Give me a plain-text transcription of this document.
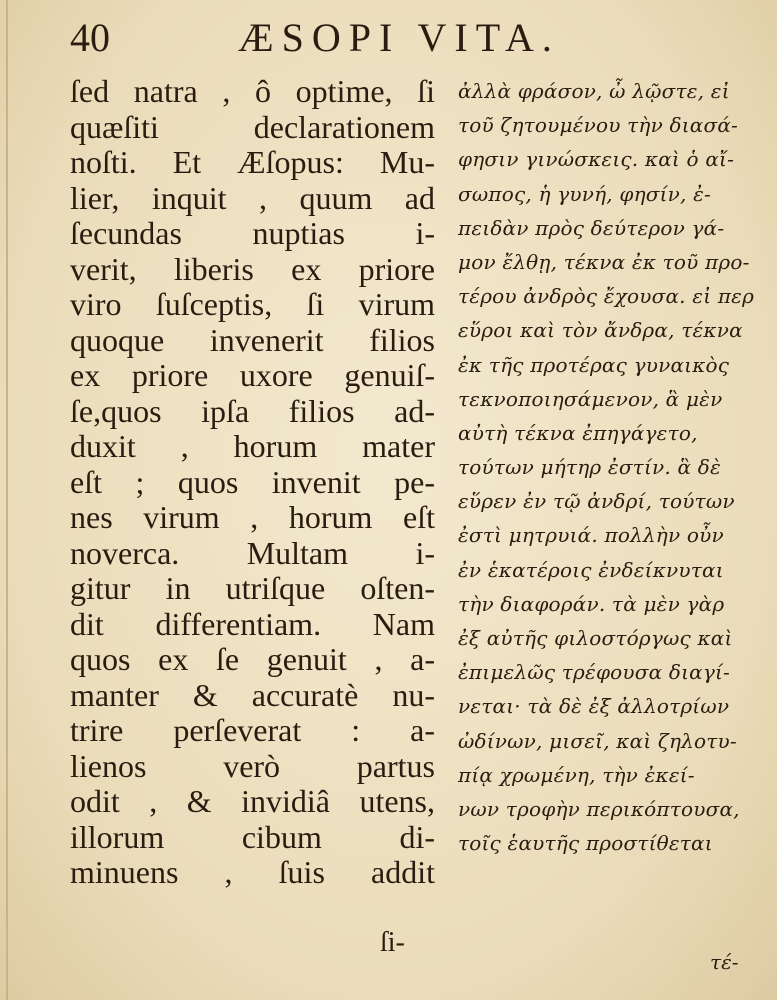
40	ÆSOPI VITA.
ſed natra , ô optime, ſi
quæſiti declarationem
noſti. Et Æſopus: Mu-
lier, inquit , quum ad
ſecundas nuptias i-
verit, liberis ex priore
viro ſuſceptis, ſi virum
quoque invenerit filios
ex priore uxore genuiſ-
ſe,quos ipſa filios ad-
duxit , horum mater
eſt ; quos invenit pe-
nes virum , horum eſt
noverca. Multam i-
gitur in utriſque oſten-
dit differentiam. Nam
quos ex ſe genuit , a-
manter & accuratè nu-
trire perſeverat : a-
lienos verò partus
odit , & invidiâ utens,
illorum cibum di-
minuens , ſuis addit
ſi-
ἀλλὰ φράσον, ὦ λῷστε, εἰ
τοῦ ζητουμένου τὴν διασά-
φησιν γινώσκεις. καὶ ὁ αἴ-
σωπος, ἡ γυνή, φησίν, ἐ-
πειδὰν πρὸς δεύτερον γά-
μον ἔλθῃ, τέκνα ἐκ τοῦ προ-
τέρου ἀνδρὸς ἔχουσα. εἰ περ
εὕροι καὶ τὸν ἄνδρα, τέκνα
ἐκ τῆς προτέρας γυναικὸς
τεκνοποιησάμενον, ἃ μὲν
αὐτὴ τέκνα ἐπηγάγετο,
τούτων μήτηρ ἐστίν. ἃ δὲ
εὕρεν ἐν τῷ ἀνδρί, τούτων
ἐστὶ μητρυιά. πολλὴν οὖν
ἐν ἑκατέροις ἐνδείκνυται
τὴν διαφοράν. τὰ μὲν γὰρ
ἐξ αὐτῆς φιλοστόργως καὶ
ἐπιμελῶς τρέφουσα διαγί-
νεται· τὰ δὲ ἐξ ἀλλοτρίων
ὠδίνων, μισεῖ, καὶ ζηλοτυ-
πίᾳ χρωμένη, τὴν ἐκεί-
νων τροφὴν περικόπτουσα,
τοῖς ἑαυτῆς προστίθεται
τέ-
